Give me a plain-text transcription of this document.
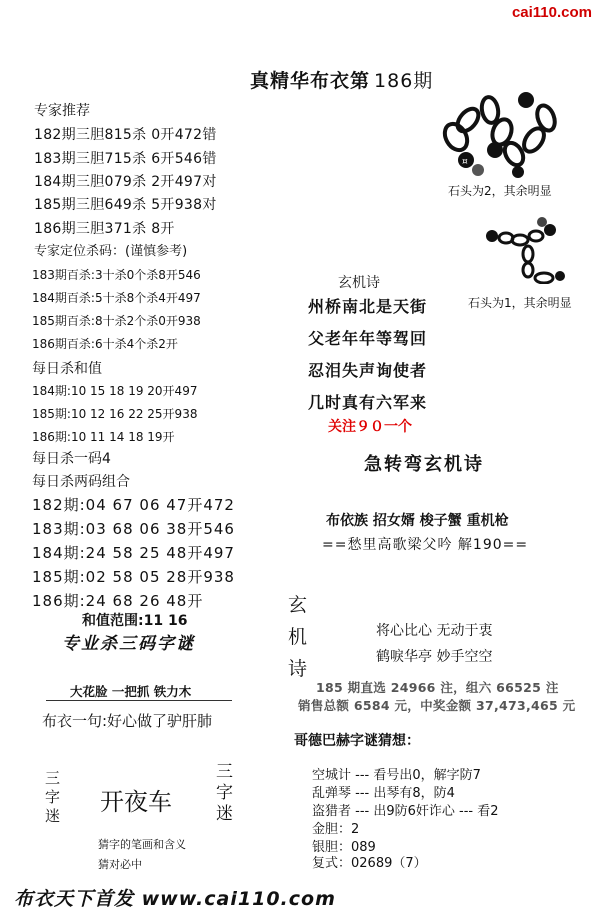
cai110.com
真精华布衣第 186期
专家推荐
182期三胆815杀 0开472错
183期三胆715杀 6开546错
184期三胆079杀 2开497对
185期三胆649杀 5开938对
186期三胆371杀 8开
专家定位杀码：(谨慎参考)
183期百杀:3十杀0个杀8开546
184期百杀:5十杀8个杀4开497
185期百杀:8十杀2个杀0开938
186期百杀:6十杀4个杀2开
每日杀和值
184期:10 15 18 19 20开497
185期:10 12 16 22 25开938
186期:10 11 14 18 19开
每日杀一码4
每日杀两码组合
182期:04 67 06 47开472
183期:03 68 06 38开546
184期:24 58 25 48开497
185期:02 58 05 28开938
186期:24 68 26 48开
和值范围:11 16
专业杀三码字谜
大花脸 一把抓 铁力木
布衣一句:好心做了驴肝肺
三字迷 开夜车 三字迷
猜字的笔画和含义
猜对必中
¤
石头为2，其余明显
石头为1，其余明显
玄机诗
州桥南北是天街
父老年年等驾回
忍泪失声询使者
几时真有六军来
关注９０一个
急转弯玄机诗
布依族 招女婿 梭子蟹 重机枪
==愁里高歌梁父吟 解190==
玄
机
诗
将心比心 无动于衷
鹤唳华亭 妙手空空
185 期直选 24966 注，组六 66525 注
销售总额 6584 元，中奖金额 37,473,465 元
哥德巴赫字谜猜想：
空城计 --- 看号出0，解字防7
乱弹琴 --- 出琴有8，防4
盗猎者 --- 出9防6奸诈心 --- 看2
金胆：2
银胆：089
复式：02689（7）
布衣天下首发 www.cai110.com
